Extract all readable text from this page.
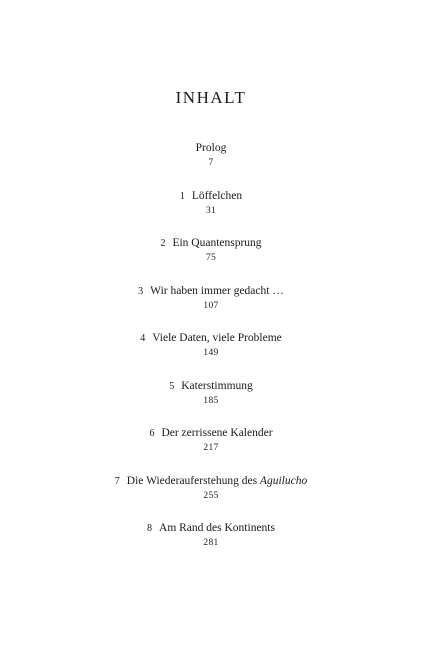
INHALT
Prolog
7
1 Löffelchen
31
2 Ein Quantensprung
75
3 Wir haben immer gedacht …
107
4 Viele Daten, viele Probleme
149
5 Katerstimmung
185
6 Der zerrissene Kalender
217
7 Die Wiederauferstehung des Aguilucho
255
8 Am Rand des Kontinents
281
